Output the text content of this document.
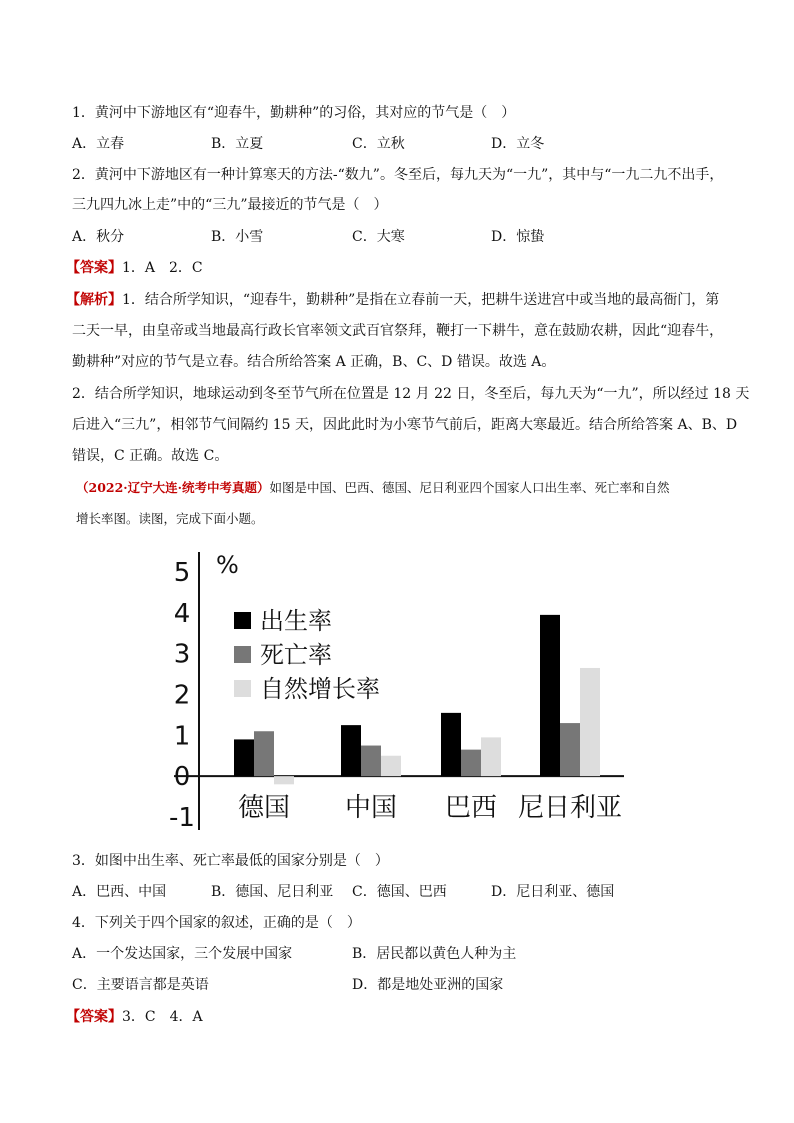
1．黄河中下游地区有“迎春牛，勤耕种”的习俗，其对应的节气是（　）
A．立春	B．立夏	C．立秋	D．立冬
2．黄河中下游地区有一种计算寒天的方法-“数九”。冬至后，每九天为“一九”，其中与“一九二九不出手，
三九四九冰上走”中的“三九”最接近的节气是（　）
A．秋分	B．小雪	C．大寒	D．惊蛰
【答案】1．A　2．C
【解析】1．结合所学知识，“迎春牛，勤耕种”是指在立春前一天，把耕牛送进宫中或当地的最高衙门，第
二天一早，由皇帝或当地最高行政长官率领文武百官祭拜，鞭打一下耕牛，意在鼓励农耕，因此“迎春牛，
勤耕种”对应的节气是立春。结合所给答案 A 正确，B、C、D 错误。故选 A。
2．结合所学知识，地球运动到冬至节气所在位置是 12 月 22 日，冬至后，每九天为“一九”，所以经过 18 天
后进入“三九”，相邻节气间隔约 15 天，因此此时为小寒节气前后，距离大寒最近。结合所给答案 A、B、D
错误，C 正确。故选 C。
（2022·辽宁大连·统考中考真题）如图是中国、巴西、德国、尼日利亚四个国家人口出生率、死亡率和自然
增长率图。读图，完成下面小题。
5
4
3
2
1
0
-1
%
出生率
死亡率
自然增长率
德国 中国 巴西 尼日利亚
3．如图中出生率、死亡率最低的国家分别是（　）
A．巴西、中国	B．德国、尼日利亚 C．德国、巴西	D．尼日利亚、德国
4．下列关于四个国家的叙述，正确的是（　）
A．一个发达国家，三个发展中国家	B．居民都以黄色人种为主
C．主要语言都是英语	D．都是地处亚洲的国家
【答案】3．C　4．A
